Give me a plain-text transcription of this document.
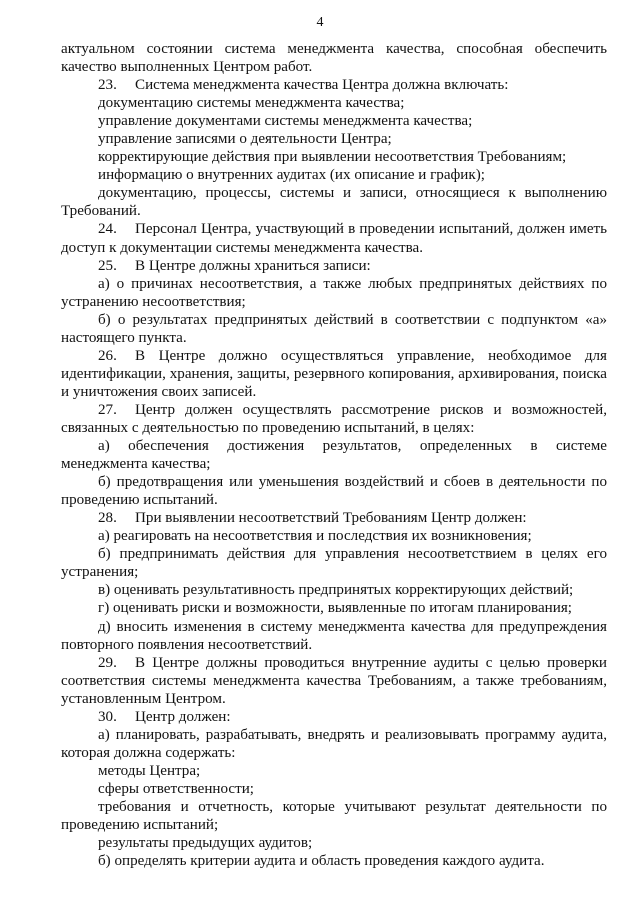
4

актуальном состоянии система менеджмента качества, способная обеспечить качество выполненных Центром работ.

23. Система менеджмента качества Центра должна включать:

документацию системы менеджмента качества;

управление документами системы менеджмента качества;

управление записями о деятельности Центра;

корректирующие действия при выявлении несоответствия Требованиям;

информацию о внутренних аудитах (их описание и график);

документацию, процессы, системы и записи, относящиеся к выполнению Требований.

24. Персонал Центра, участвующий в проведении испытаний, должен иметь доступ к документации системы менеджмента качества.

25. В Центре должны храниться записи:

а) о причинах несоответствия, а также любых предпринятых действиях по устранению несоответствия;

б) о результатах предпринятых действий в соответствии с подпунктом «а» настоящего пункта.

26. В Центре должно осуществляться управление, необходимое для идентификации, хранения, защиты, резервного копирования, архивирования, поиска и уничтожения своих записей.

27. Центр должен осуществлять рассмотрение рисков и возможностей, связанных с деятельностью по проведению испытаний, в целях:

а) обеспечения достижения результатов, определенных в системе менеджмента качества;

б) предотвращения или уменьшения воздействий и сбоев в деятельности по проведению испытаний.

28. При выявлении несоответствий Требованиям Центр должен:

а) реагировать на несоответствия и последствия их возникновения;

б) предпринимать действия для управления несоответствием в целях его устранения;

в) оценивать результативность предпринятых корректирующих действий;

г) оценивать риски и возможности, выявленные по итогам планирования;

д) вносить изменения в систему менеджмента качества для предупреждения повторного появления несоответствий.

29. В Центре должны проводиться внутренние аудиты с целью проверки соответствия системы менеджмента качества Требованиям, а также требованиям, установленным Центром.

30. Центр должен:

а) планировать, разрабатывать, внедрять и реализовывать программу аудита, которая должна содержать:

методы Центра;

сферы ответственности;

требования и отчетность, которые учитывают результат деятельности по проведению испытаний;

результаты предыдущих аудитов;

б) определять критерии аудита и область проведения каждого аудита.
